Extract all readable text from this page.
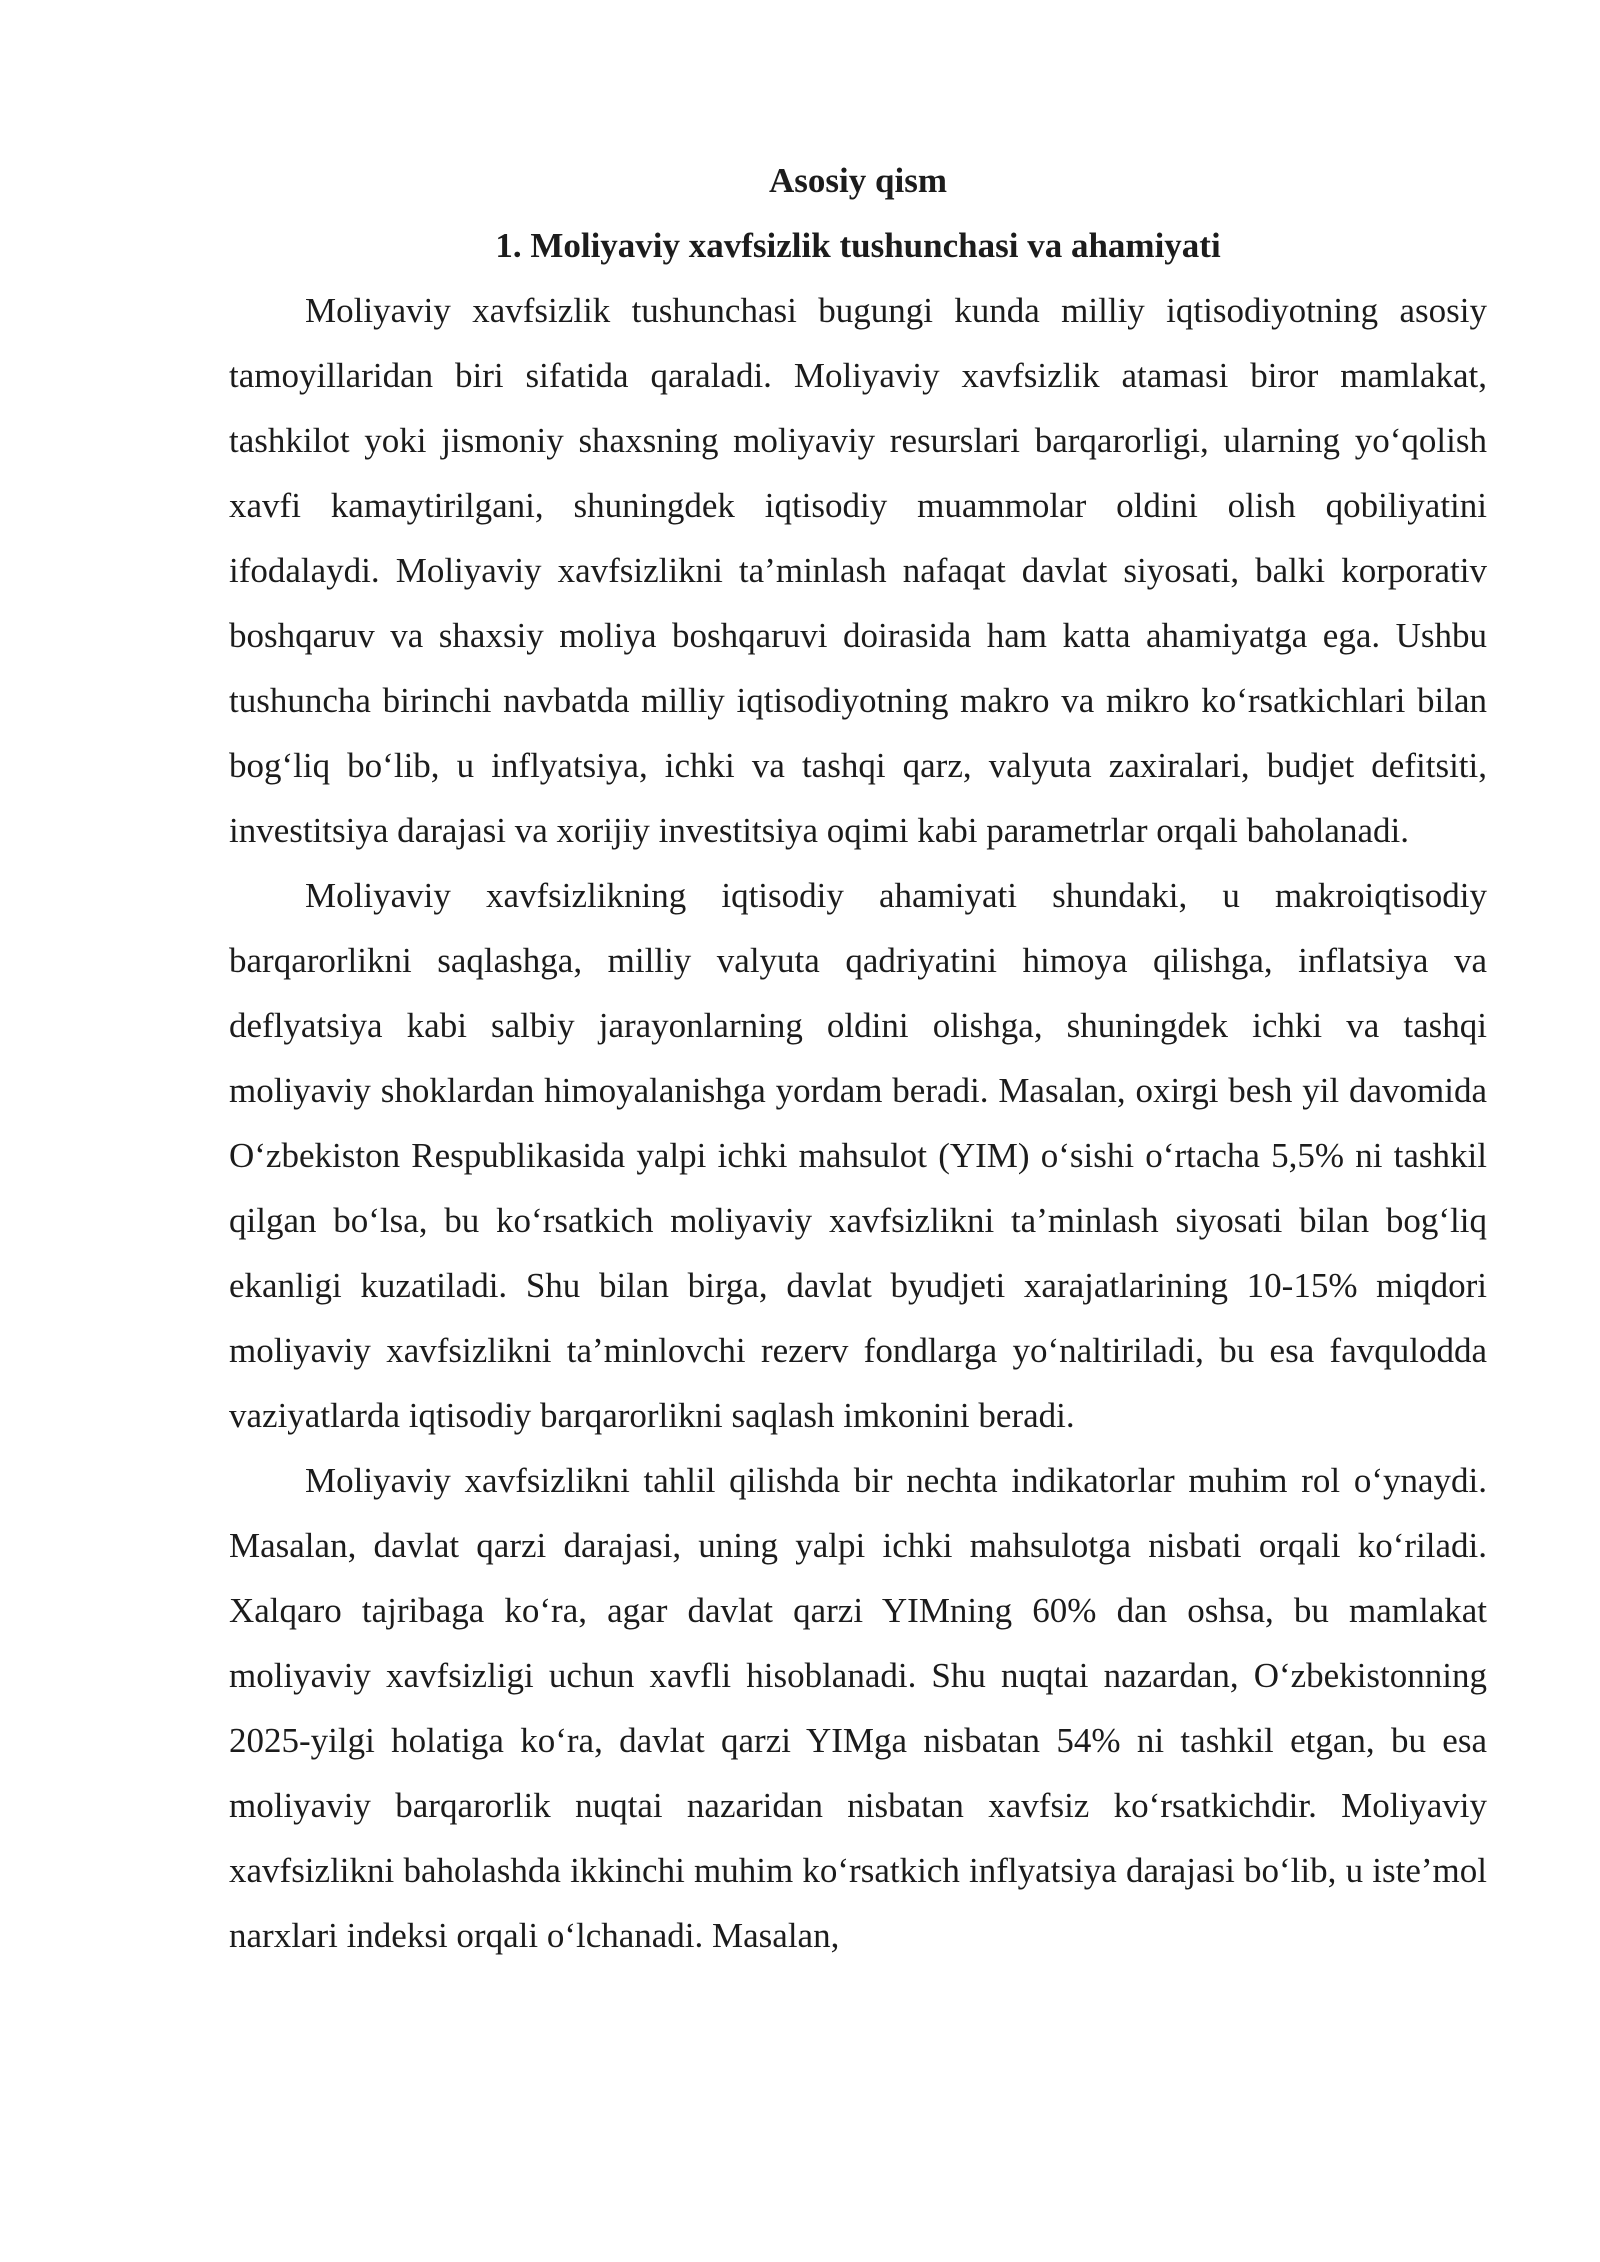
Asosiy qism
1. Moliyaviy xavfsizlik tushunchasi va ahamiyati

Moliyaviy xavfsizlik tushunchasi bugungi kunda milliy iqtisodiyotning asosiy tamoyillaridan biri sifatida qaraladi. Moliyaviy xavfsizlik atamasi biror mamlakat, tashkilot yoki jismoniy shaxsning moliyaviy resurslari barqarorligi, ularning yo‘qolish xavfi kamaytirilgani, shuningdek iqtisodiy muammolar oldini olish qobiliyatini ifodalaydi. Moliyaviy xavfsizlikni ta’minlash nafaqat davlat siyosati, balki korporativ boshqaruv va shaxsiy moliya boshqaruvi doirasida ham katta ahamiyatga ega. Ushbu tushuncha birinchi navbatda milliy iqtisodiyotning makro va mikro ko‘rsatkichlari bilan bog‘liq bo‘lib, u inflyatsiya, ichki va tashqi qarz, valyuta zaxiralari, budjet defitsiti, investitsiya darajasi va xorijiy investitsiya oqimi kabi parametrlar orqali baholanadi.

Moliyaviy xavfsizlikning iqtisodiy ahamiyati shundaki, u makroiqtisodiy barqarorlikni saqlashga, milliy valyuta qadriyatini himoya qilishga, inflatsiya va deflyatsiya kabi salbiy jarayonlarning oldini olishga, shuningdek ichki va tashqi moliyaviy shoklardan himoyalanishga yordam beradi. Masalan, oxirgi besh yil davomida O‘zbekiston Respublikasida yalpi ichki mahsulot (YIM) o‘sishi o‘rtacha 5,5% ni tashkil qilgan bo‘lsa, bu ko‘rsatkich moliyaviy xavfsizlikni ta’minlash siyosati bilan bog‘liq ekanligi kuzatiladi. Shu bilan birga, davlat byudjeti xarajatlarining 10-15% miqdori moliyaviy xavfsizlikni ta’minlovchi rezerv fondlarga yo‘naltiriladi, bu esa favqulodda vaziyatlarda iqtisodiy barqarorlikni saqlash imkonini beradi.

Moliyaviy xavfsizlikni tahlil qilishda bir nechta indikatorlar muhim rol o‘ynaydi. Masalan, davlat qarzi darajasi, uning yalpi ichki mahsulotga nisbati orqali ko‘riladi. Xalqaro tajribaga ko‘ra, agar davlat qarzi YIMning 60% dan oshsa, bu mamlakat moliyaviy xavfsizligi uchun xavfli hisoblanadi. Shu nuqtai nazardan, O‘zbekistonning 2025-yilgi holatiga ko‘ra, davlat qarzi YIMga nisbatan 54% ni tashkil etgan, bu esa moliyaviy barqarorlik nuqtai nazaridan nisbatan xavfsiz ko‘rsatkichdir. Moliyaviy xavfsizlikni baholashda ikkinchi muhim ko‘rsatkich inflyatsiya darajasi bo‘lib, u iste’mol narxlari indeksi orqali o‘lchanadi. Masalan,
